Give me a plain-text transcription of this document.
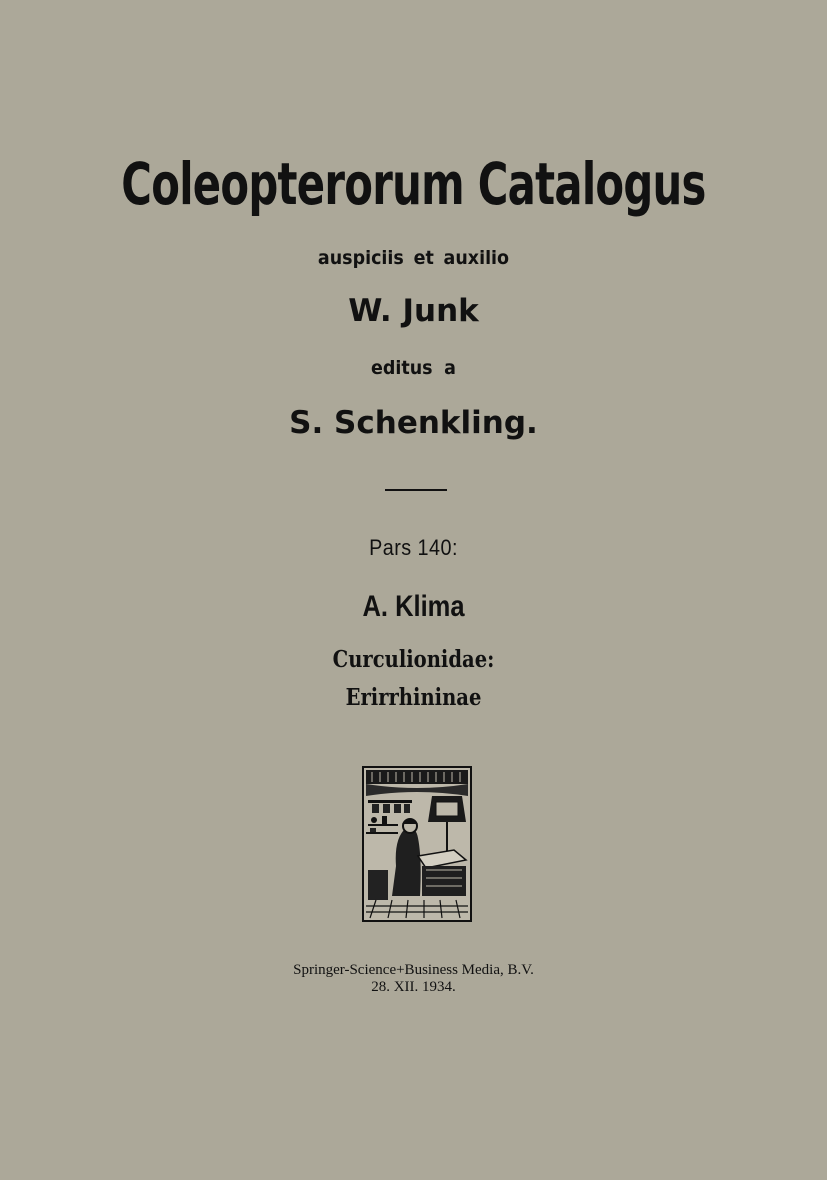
Coleopterorum Catalogus
auspiciis et auxilio
W. Junk
editus a
S. Schenkling.
Pars 140:
A. Klima
Curculionidae:
Erirrhininae
Springer-Science+Business Media, B.V.
28. XII. 1934.
